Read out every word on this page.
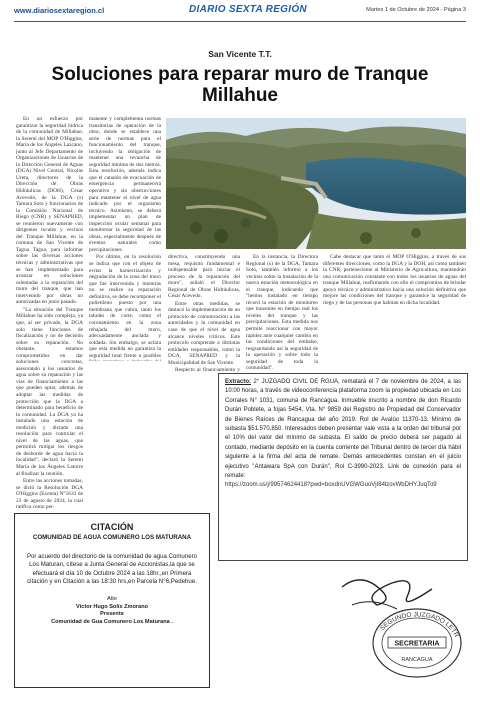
www.diariosextaregion.cl	DIARIO SEXTA REGIÓN	Martes 1 de Octubre de 2024 - Página 3
San Vicente T.T.
Soluciones para reparar muro de Tranque Millahue

En un esfuerzo por garantizar la seguridad hídrica de la comunidad de Millahue, la Seremi del MOP O'Higgins, María de los Ángeles Lazcano, junto al Jefe Departamento de Organizaciones de Usuarios de la Dirección General de Aguas (DGA) Nivel Central, Nicolás Ureta, directores de la Dirección de Obras Hidráulicas (DOH), César Acevedo, de la DGA (s) Tamara Soto y funcionarios de la Comisión Nacional de Riego (CNR) y SENAPRED, se reunieron nuevamente con dirigentes locales y vecinos del Tranque Millahue, en la comuna de San Vicente de Tagua Tagua, para informar sobre las diversas acciones técnicas y administrativas que se han implementado para avanzar en soluciones orientadas a la reparación del muro del tranque, que han intervenido por obras no autorizadas en junio pasado.

"La situación del Tranque Millahue ha sido compleja, ya que, al ser privado, la DGA solo tiene funciones de fiscalización y no de decisión sobre su reparación. No obstante, estamos comprometidos en dar soluciones concretas, asesorando a los usuarios de agua sobre su reparación y las vías de financiamiento a las que pueden optar, además de adoptar las medidas de protección que la DGA a determinado para beneficio de la comunidad. La DGA ya ha instalado una estación de medición y dictado una resolución para controlar el nivel de las aguas, que permitirá mitigar los riesgos de desborde de agua hacia la localidad", declaró la Seremi María de los Ángeles Latorre al finalizar la reunión.

Entre las acciones tomadas, se dictó la Resolución DGA O'Higgins (Exenta) N°1633 de 23 de agosto de 2024, la cual ratifica como per-

manente y complementa normas transitorias de operación de la obra, donde se establece una serie de normas para el funcionamiento del tranque, incluyendo la obligación de mantener una revancha de seguridad mínima de dos metros. Esta resolución, además indica que el canalón de evacuación de emergencia permanecerá operativo y sin obstrucciones para mantener el nivel de agua indicado por el organismo técnico. Asimismo, se deberá implementar un plan de inspección ocular semanal para monitorear la seguridad de las obras, especialmente después de eventos naturales como precipitaciones.

Por último, en la resolución se indica que con el objeto de evitar la harnectización y degradación de la zona del muro que fue intervenida y mientras no se realice su reparación definitiva, se debe recomponer el polietileno puesto por una membrana que cubra, tanto los taludes de corte, como el coronamiento en la zona rebajada del muro, adecuadamente anclada y soldada. Sin embargo, se aclara que esta medida no garantiza la seguridad total frente a posibles

directiva, constituyendo una mesa, requisito fundamental e indispensable para iniciar el proceso de la reparación del muro", señaló el Director Regional de Obras Hidráulicas, César Acevedo.

Entre otras medidas, se destacó la implementación de un protocolo de comunicación a las autoridades y la comunidad en caso de que el nivel de agua alcance niveles críticos. Este protocolo comprende a distintas entidades responsables, como la DGA, SENAPRED y la Municipalidad de San Vicente.

Respecto al financiamiento y

En la instancia, la Directora Regional (s) de la DGA, Tamara Soto, también informó a los vecinos sobre la instalación de la nueva estación meteorológica en el tranque, indicando que "hemos instalado en tiempo récord la estación de monitoreo que transmite en tiempo real los niveles del tranque y las precipitaciones. Esta medida nos permite reaccionar con mayor rapidez ante cualquier cambio en las condiciones del embalse, resguardando así la seguridad de la operación y sobre todo la seguridad de toda la comunidad".

Cabe destacar que tanto el MOP O'Higgins, a través de sus diferentes direcciones, como la DGA y la DOH, así como también la CNR, perteneciente al Ministerio de Agricultura, mantendrán una comunicación constante con todos los usuarios de aguas del tranque Millahue, reafirmando con ello el compromiso de brindar apoyo técnico y administrativo hacia una solución definitiva que mejore las condiciones del tranque y garantice la seguridad de riego y de las personas que habitan en dicha localidad.

Extracto: 2° JUZGADO CIVIL DE RGUA, rematará el 7 de noviembre de 2024, a las 10:00 horas, a través de videoconferencia plataforma zoom la propiedad ubicada en Los Corrales N° 1031, comuna de Rancagua. Inmueble inscrito a nombre de don Ricardo Durán Poblete, a fojas 5454, Vta. N° 9859 del Registro de Propiedad del Conservador de Bienes Raíces de Rancagua del año 2019. Rol de Avalúo 11370-13. Mínimo de subasta $51.570.850. Interesados deben presentar vale vista a la orden del tribunal por el 10% del valor del mínimo de subasta. El saldo de precio deberá ser pagado al contado, mediante depósito en la cuenta corriente del Tribunal dentro de tercer día hábil siguiente a la firma del acta de remate. Demás antecedentes constan en el juicio ejecutivo "Antawara SpA con Durán", Rol C-3990-2023. Link de conexión para el remate:
https://zoom.us/j/99574624418?pwd=boxdnUVGWGuoVjI84lzovWbDHYJuqTo9
CITACIÓN
COMUNIDAD DE AGUA COMUNERO LOS MATURANA
Por acuerdo del directorio de la comunidad de agua Comunero Los Maturan, cítese a Junta General de Accionistas,la que se efectuará el día 10 de Octubre 2024 a las 18hr.,en Primera citación y en Citación a las 18:30 hrs,en Parcela N°6,Pedehue.
Atte
Víctor Hugo Solís Zmorano
Presente
Comunidad de Gua Comunero Los Maturana .
SEGUNDO JUZGADO LETR
SECRETARIA
RANCAGUA
